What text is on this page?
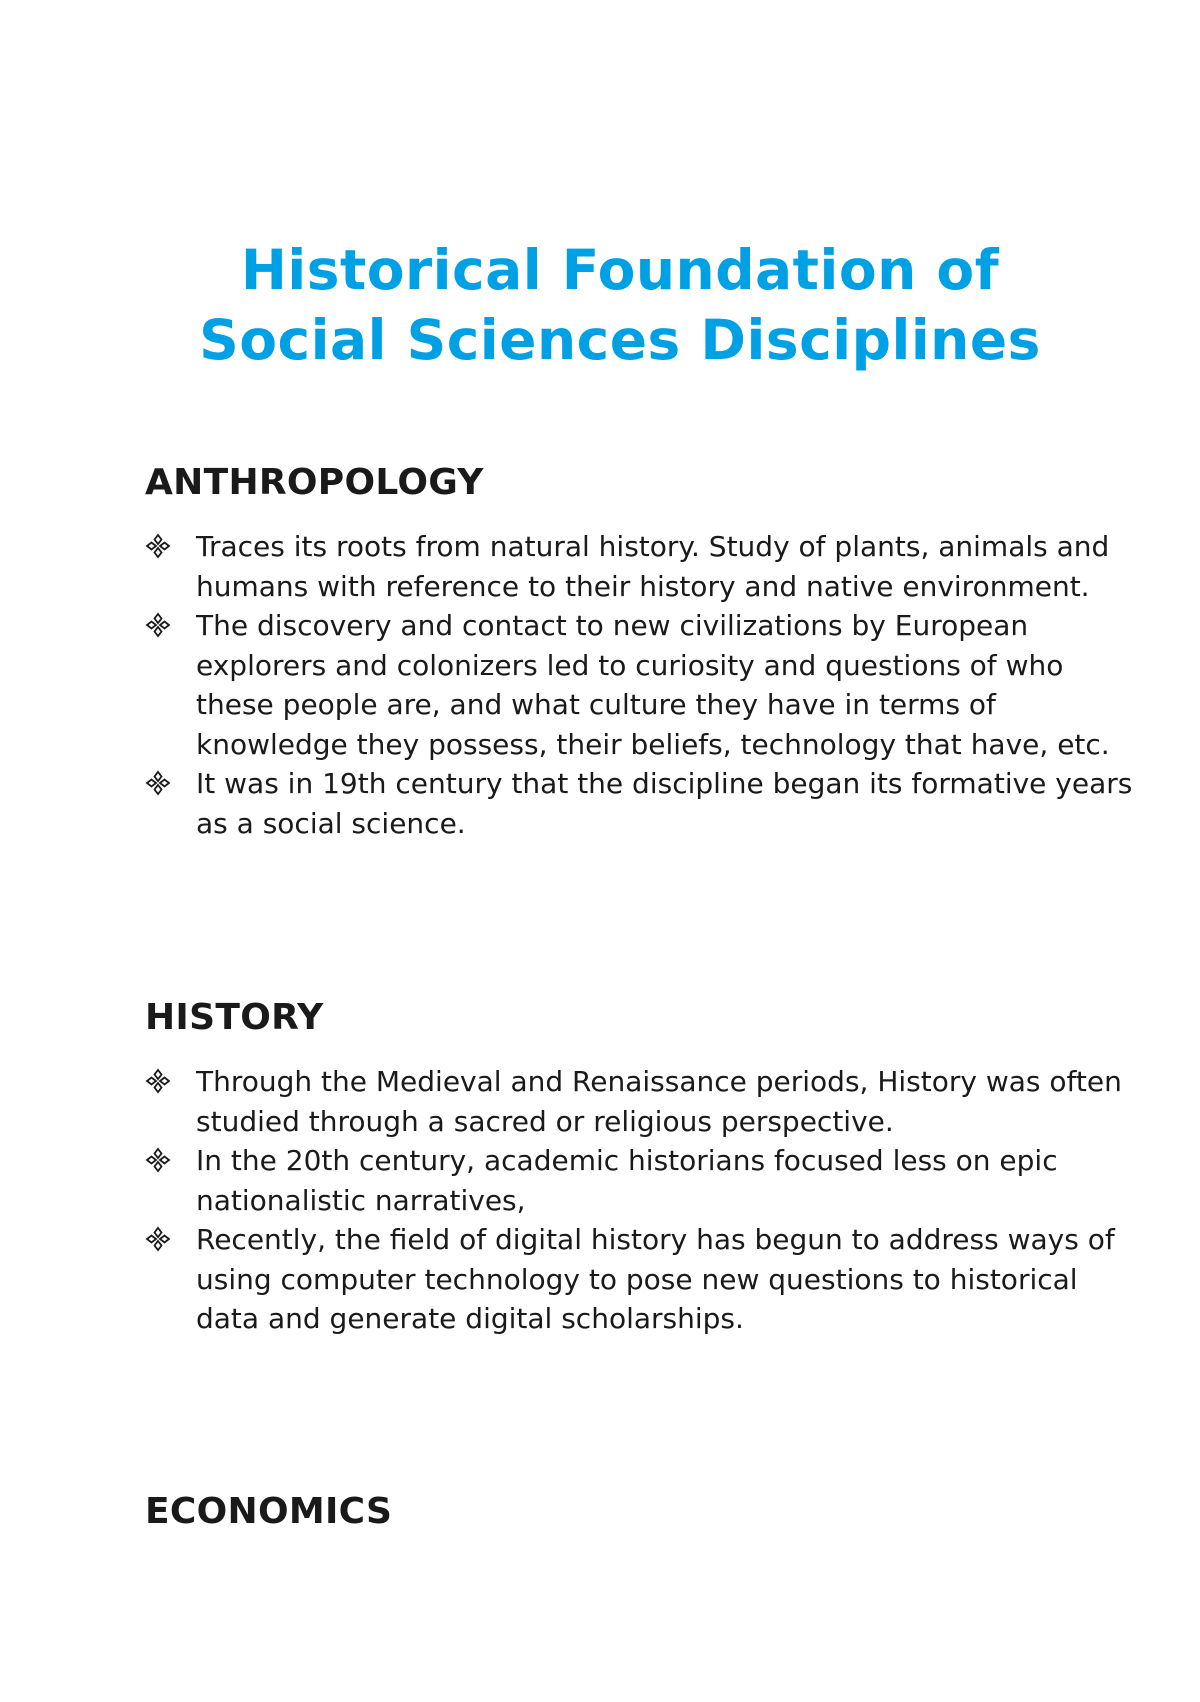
Historical Foundation of
Social Sciences Disciplines
ANTHROPOLOGY
Traces its roots from natural history. Study of plants, animals and humans with reference to their history and native environment.
The discovery and contact to new civilizations by European explorers and colonizers led to curiosity and questions of who these people are, and what culture they have in terms of knowledge they possess, their beliefs, technology that have, etc.
It was in 19th century that the discipline began its formative years as a social science.
HISTORY
Through the Medieval and Renaissance periods, History was often studied through a sacred or religious perspective.
In the 20th century, academic historians focused less on epic nationalistic narratives,
Recently, the field of digital history has begun to address ways of using computer technology to pose new questions to historical data and generate digital scholarships.
ECONOMICS
